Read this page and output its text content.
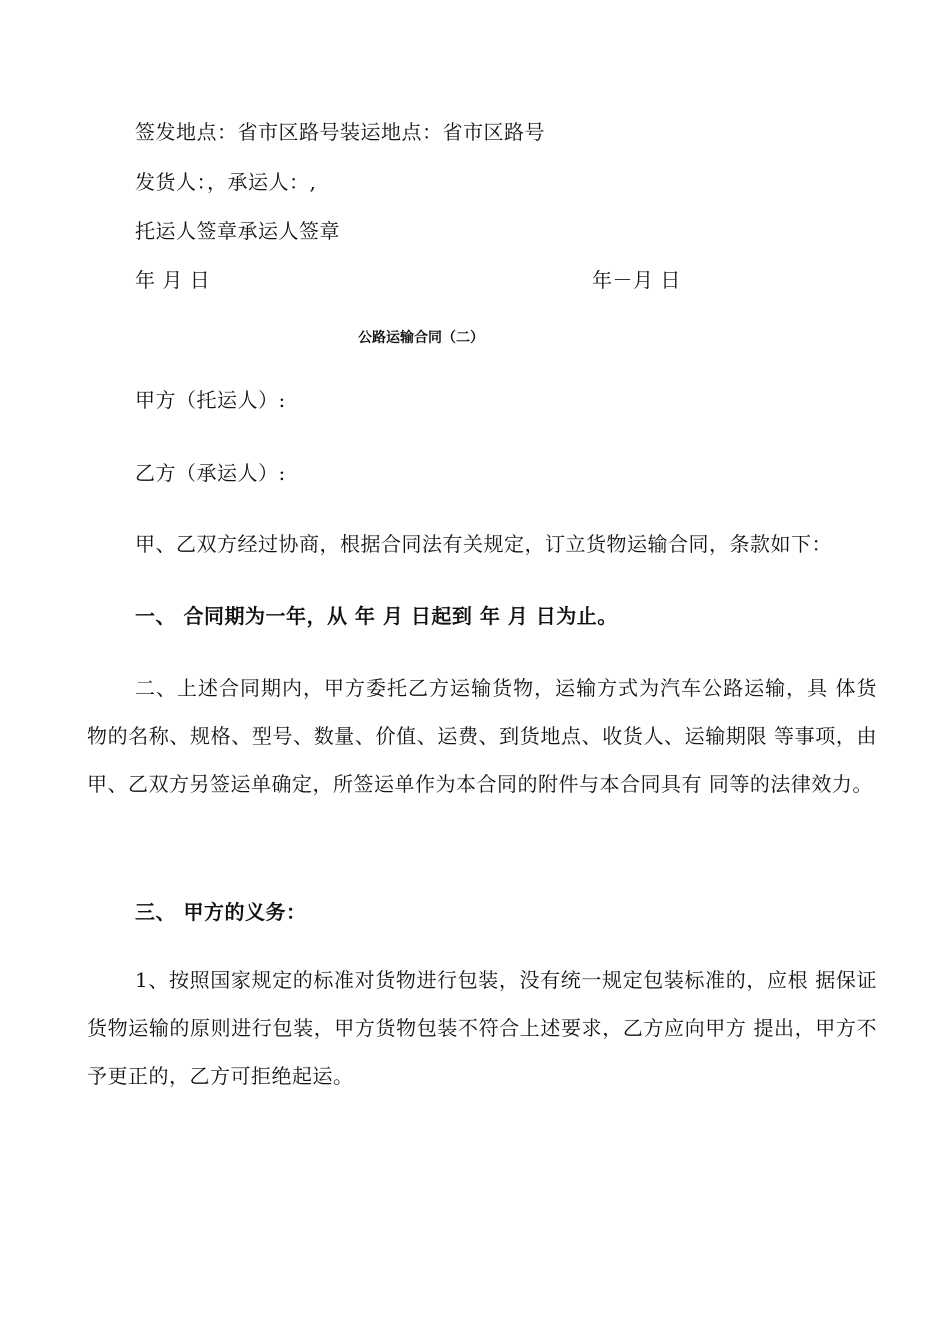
签发地点：省市区路号装运地点：省市区路号
发货人：，承运人：,
托运人签章承运人签章
年 月 日	年－月 日
公路运输合同（二）
甲方（托运人）:
乙方（承运人）:
甲、乙双方经过协商，根据合同法有关规定，订立货物运输合同，条款如下：
一、 合同期为一年，从 年 月 日起到 年 月 日为止。
二、上述合同期内，甲方委托乙方运输货物，运输方式为汽车公路运输，具 体货物的名称、规格、型号、数量、价值、运费、到货地点、收货人、运输期限 等事项，由甲、乙双方另签运单确定，所签运单作为本合同的附件与本合同具有 同等的法律效力。
三、 甲方的义务：
1、按照国家规定的标准对货物进行包装，没有统一规定包装标准的，应根 据保证货物运输的原则进行包装，甲方货物包装不符合上述要求，乙方应向甲方 提出，甲方不予更正的，乙方可拒绝起运。
